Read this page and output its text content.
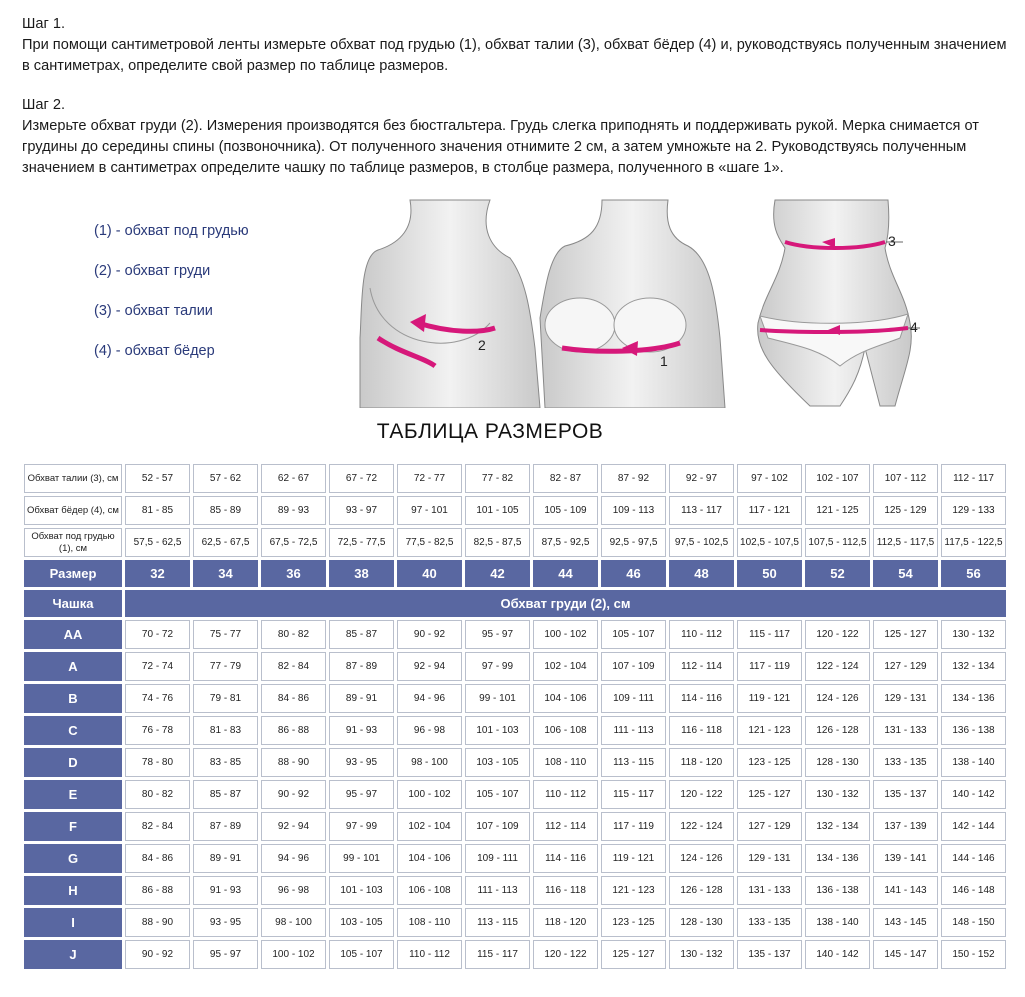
Шаг 1.

При помощи сантиметровой ленты измерьте обхват под грудью (1), обхват талии (3), обхват бёдер (4) и, руководствуясь полученным значением в сантиметрах, определите свой размер по таблице размеров.

Шаг 2.

Измерьте обхват груди (2). Измерения производятся без бюстгальтера. Грудь слегка приподнять и поддерживать рукой. Мерка снимается от грудины до середины спины (позвоночника). От полученного значения отнимите 2 см, а затем умножьте на 2. Руководствуясь полученным значением в сантиметрах определите чашку по таблице размеров, в столбце размера, полученного в «шаге 1».

(1) - обхват под грудью
(2) - обхват груди
(3) - обхват талии
(4) - обхват бёдер	2
1
3
4
ТАБЛИЦА РАЗМЕРОВ
Обхват талии (3), см	52 - 57	57 - 62	62 - 67	67 - 72	72 - 77	77 - 82	82 - 87	87 - 92	92 - 97	97 - 102	102 - 107	107 - 112	112 - 117
Обхват бёдер (4), см	81 - 85	85 - 89	89 - 93	93 - 97	97 - 101	101 - 105	105 - 109	109 - 113	113 - 117	117 - 121	121 - 125	125 - 129	129 - 133
Обхват под грудью (1), см	57,5 - 62,5	62,5 - 67,5	67,5 - 72,5	72,5 - 77,5	77,5 - 82,5	82,5 - 87,5	87,5 - 92,5	92,5 - 97,5	97,5 - 102,5	102,5 - 107,5	107,5 - 112,5	112,5 - 117,5	117,5 - 122,5
Размер	32	34	36	38	40	42	44	46	48	50	52	54	56
Чашка	Обхват груди (2), см												
AA	70 - 72	75 - 77	80 - 82	85 - 87	90 - 92	95 - 97	100 - 102	105 - 107	110 - 112	115 - 117	120 - 122	125 - 127	130 - 132
A	72 - 74	77 - 79	82 - 84	87 - 89	92 - 94	97 - 99	102 - 104	107 - 109	112 - 114	117 - 119	122 - 124	127 - 129	132 - 134
B	74 - 76	79 - 81	84 - 86	89 - 91	94 - 96	99 - 101	104 - 106	109 - 111	114 - 116	119 - 121	124 - 126	129 - 131	134 - 136
C	76 - 78	81 - 83	86 - 88	91 - 93	96 - 98	101 - 103	106 - 108	111 - 113	116 - 118	121 - 123	126 - 128	131 - 133	136 - 138
D	78 - 80	83 - 85	88 - 90	93 - 95	98 - 100	103 - 105	108 - 110	113 - 115	118 - 120	123 - 125	128 - 130	133 - 135	138 - 140
E	80 - 82	85 - 87	90 - 92	95 - 97	100 - 102	105 - 107	110 - 112	115 - 117	120 - 122	125 - 127	130 - 132	135 - 137	140 - 142
F	82 - 84	87 - 89	92 - 94	97 - 99	102 - 104	107 - 109	112 - 114	117 - 119	122 - 124	127 - 129	132 - 134	137 - 139	142 - 144
G	84 - 86	89 - 91	94 - 96	99 - 101	104 - 106	109 - 111	114 - 116	119 - 121	124 - 126	129 - 131	134 - 136	139 - 141	144 - 146
H	86 - 88	91 - 93	96 - 98	101 - 103	106 - 108	111 - 113	116 - 118	121 - 123	126 - 128	131 - 133	136 - 138	141 - 143	146 - 148
I	88 - 90	93 - 95	98 - 100	103 - 105	108 - 110	113 - 115	118 - 120	123 - 125	128 - 130	133 - 135	138 - 140	143 - 145	148 - 150
J	90 - 92	95 - 97	100 - 102	105 - 107	110 - 112	115 - 117	120 - 122	125 - 127	130 - 132	135 - 137	140 - 142	145 - 147	150 - 152
